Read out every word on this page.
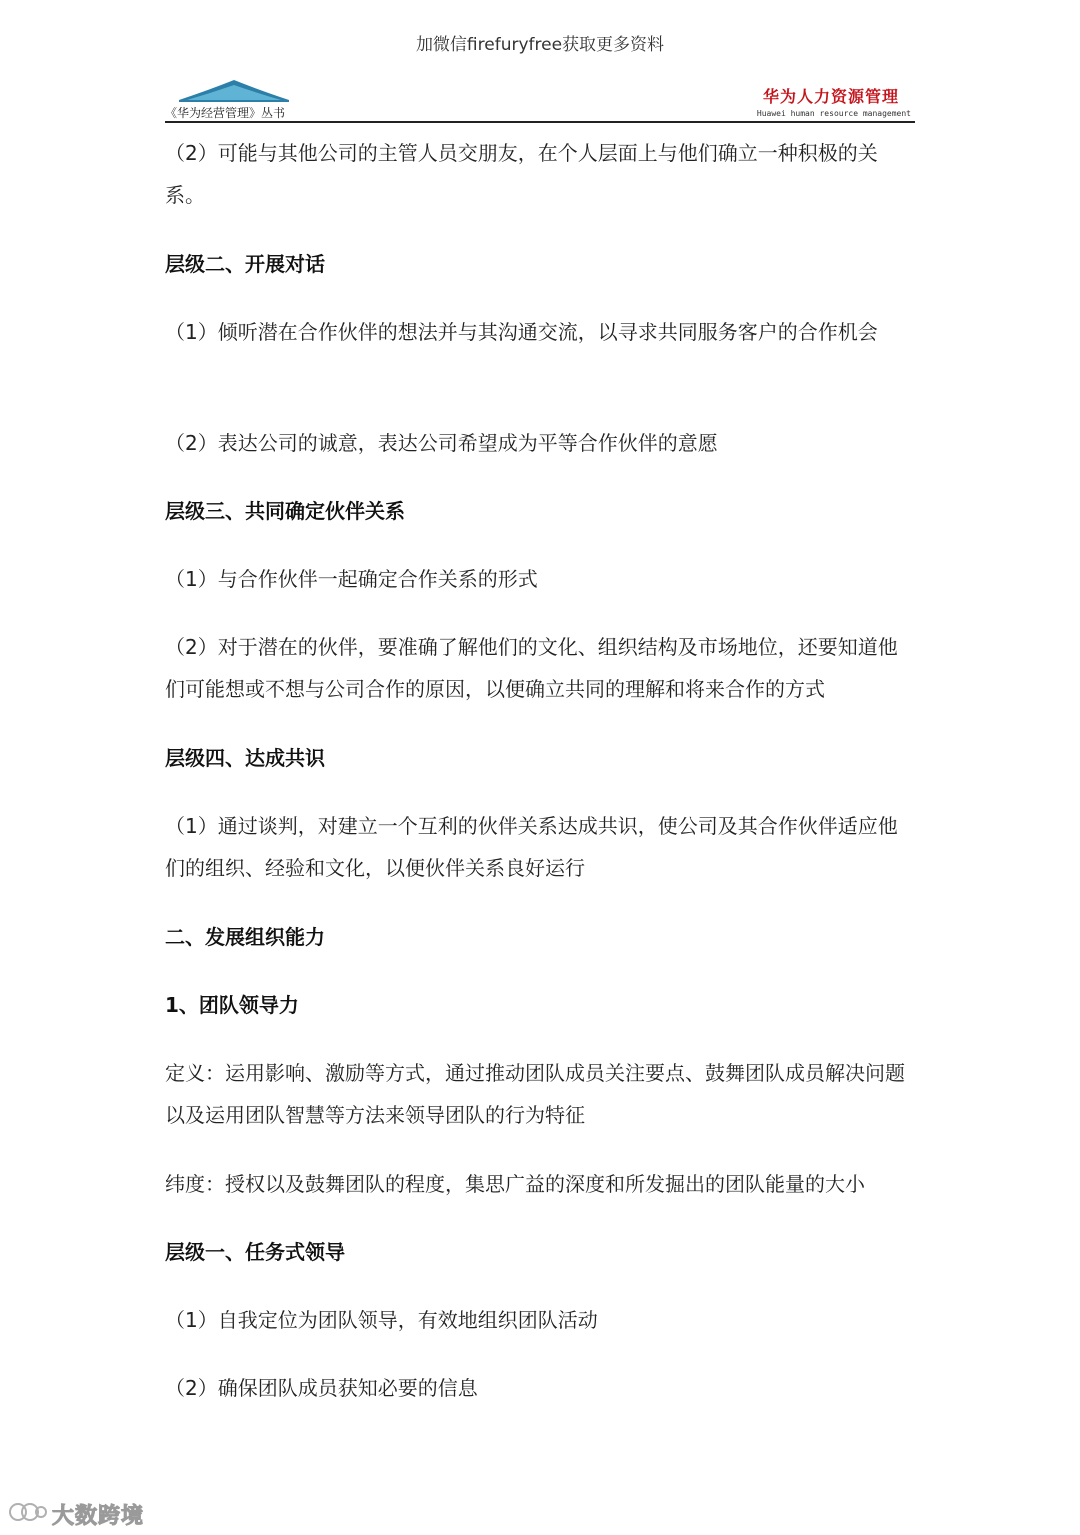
加微信firefuryfree获取更多资料
《华为经营管理》丛书
华为人力资源管理
Huawei human resource management

（2）可能与其他公司的主管人员交朋友，在个人层面上与他们确立一种积极的关系。

层级二、开展对话

（1）倾听潜在合作伙伴的想法并与其沟通交流，以寻求共同服务客户的合作机会

（2）表达公司的诚意，表达公司希望成为平等合作伙伴的意愿

层级三、共同确定伙伴关系

（1）与合作伙伴一起确定合作关系的形式

（2）对于潜在的伙伴，要准确了解他们的文化、组织结构及市场地位，还要知道他们可能想或不想与公司合作的原因，以便确立共同的理解和将来合作的方式

层级四、达成共识

（1）通过谈判，对建立一个互利的伙伴关系达成共识，使公司及其合作伙伴适应他们的组织、经验和文化，以便伙伴关系良好运行

二、发展组织能力

1、团队领导力

定义：运用影响、激励等方式，通过推动团队成员关注要点、鼓舞团队成员解决问题以及运用团队智慧等方法来领导团队的行为特征

纬度：授权以及鼓舞团队的程度，集思广益的深度和所发掘出的团队能量的大小

层级一、任务式领导

（1）自我定位为团队领导，有效地组织团队活动

（2）确保团队成员获知必要的信息

大数跨境
